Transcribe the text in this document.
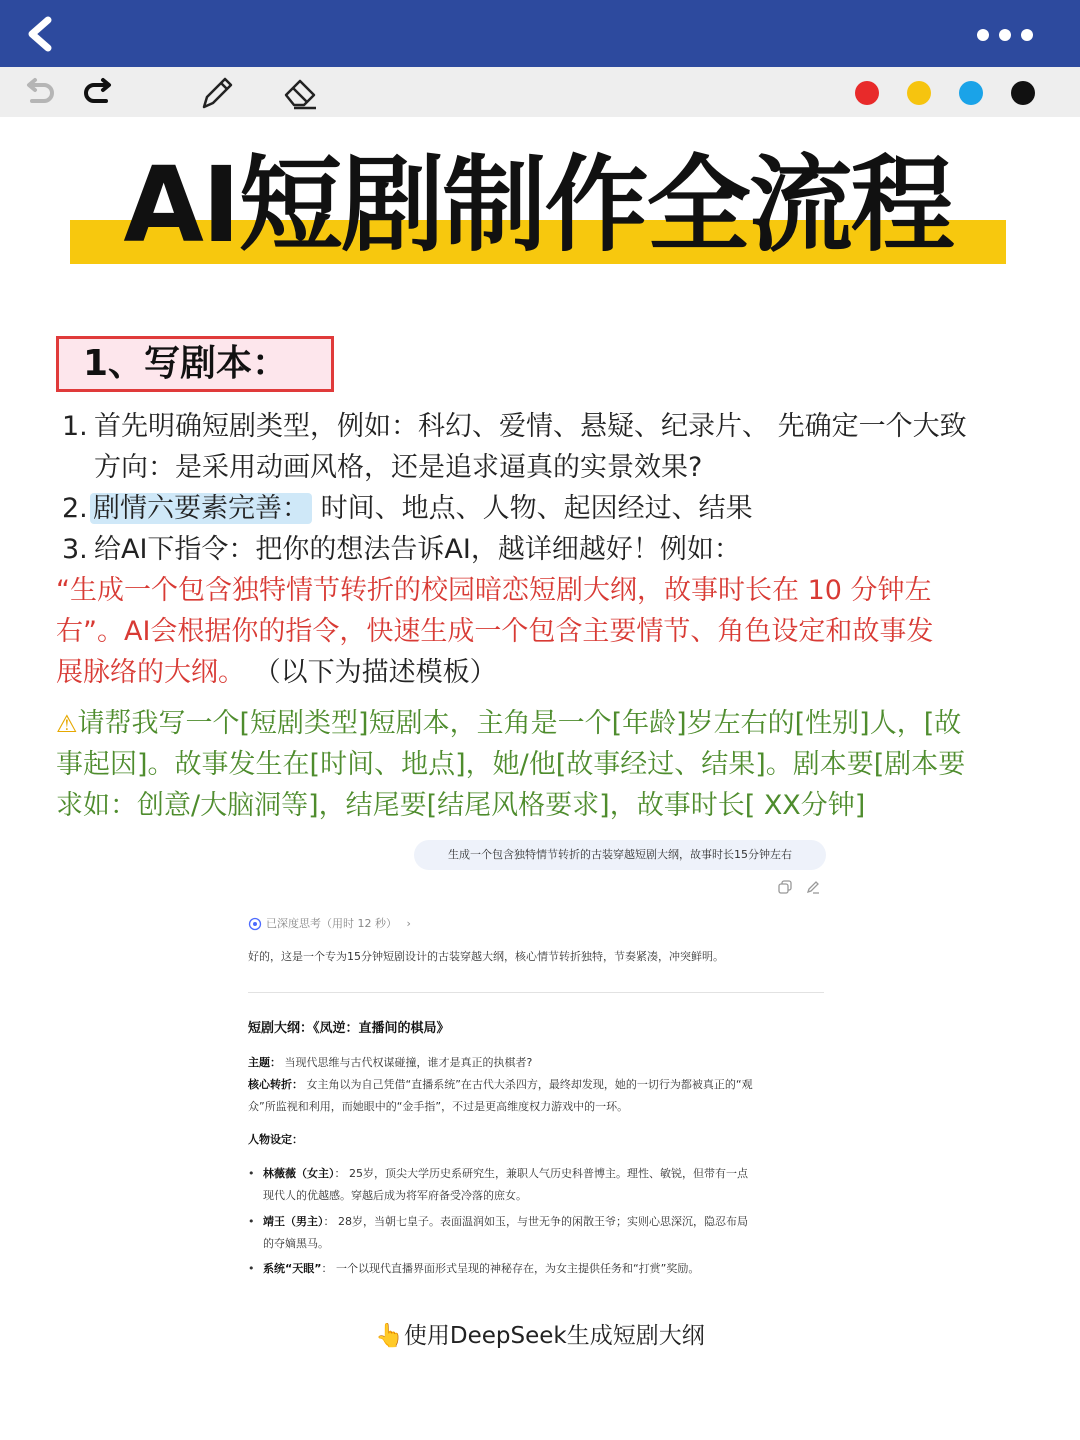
AI短剧制作全流程
1、写剧本：
1. 首先明确短剧类型，例如：科幻、爱情、悬疑、纪录片、 先确定一个大致
方向：是采用动画风格，还是追求逼真的实景效果?
2. 剧情六要素完善： 时间、地点、人物、起因经过、结果
3. 给AI下指令：把你的想法告诉AI，越详细越好！例如：
“生成一个包含独特情节转折的校园暗恋短剧大纲，故事时长在 10 分钟左
右”。AI会根据你的指令，快速生成一个包含主要情节、角色设定和故事发
展脉络的大纲。 （以下为描述模板）
⚠请帮我写一个[短剧类型]短剧本，主角是一个[年龄]岁左右的[性别]人，[故
事起因]。故事发生在[时间、地点]，她/他[故事经过、结果]。剧本要[剧本要
求如：创意/大脑洞等]，结尾要[结尾风格要求]，故事时长[ XX分钟]
生成一个包含独特情节转折的古装穿越短剧大纲，故事时长15分钟左右
已深度思考（用时 12 秒） ›
好的，这是一个专为15分钟短剧设计的古装穿越大纲，核心情节转折独特，节奏紧凑，冲突鲜明。
短剧大纲：《凤逆：直播间的棋局》
主题： 当现代思维与古代权谋碰撞，谁才是真正的执棋者?
核心转折： 女主角以为自己凭借“直播系统”在古代大杀四方，最终却发现，她的一切行为都被真正的“观
众”所监视和利用，而她眼中的“金手指”，不过是更高维度权力游戏中的一环。
人物设定：
• 林薇薇（女主）： 25岁，顶尖大学历史系研究生，兼职人气历史科普博主。理性、敏锐，但带有一点
现代人的优越感。穿越后成为将军府备受冷落的庶女。
• 靖王（男主）： 28岁，当朝七皇子。表面温润如玉，与世无争的闲散王爷；实则心思深沉，隐忍布局
的夺嫡黑马。
• 系统“天眼”： 一个以现代直播界面形式呈现的神秘存在，为女主提供任务和“打赏”奖励。
👆使用DeepSeek生成短剧大纲
